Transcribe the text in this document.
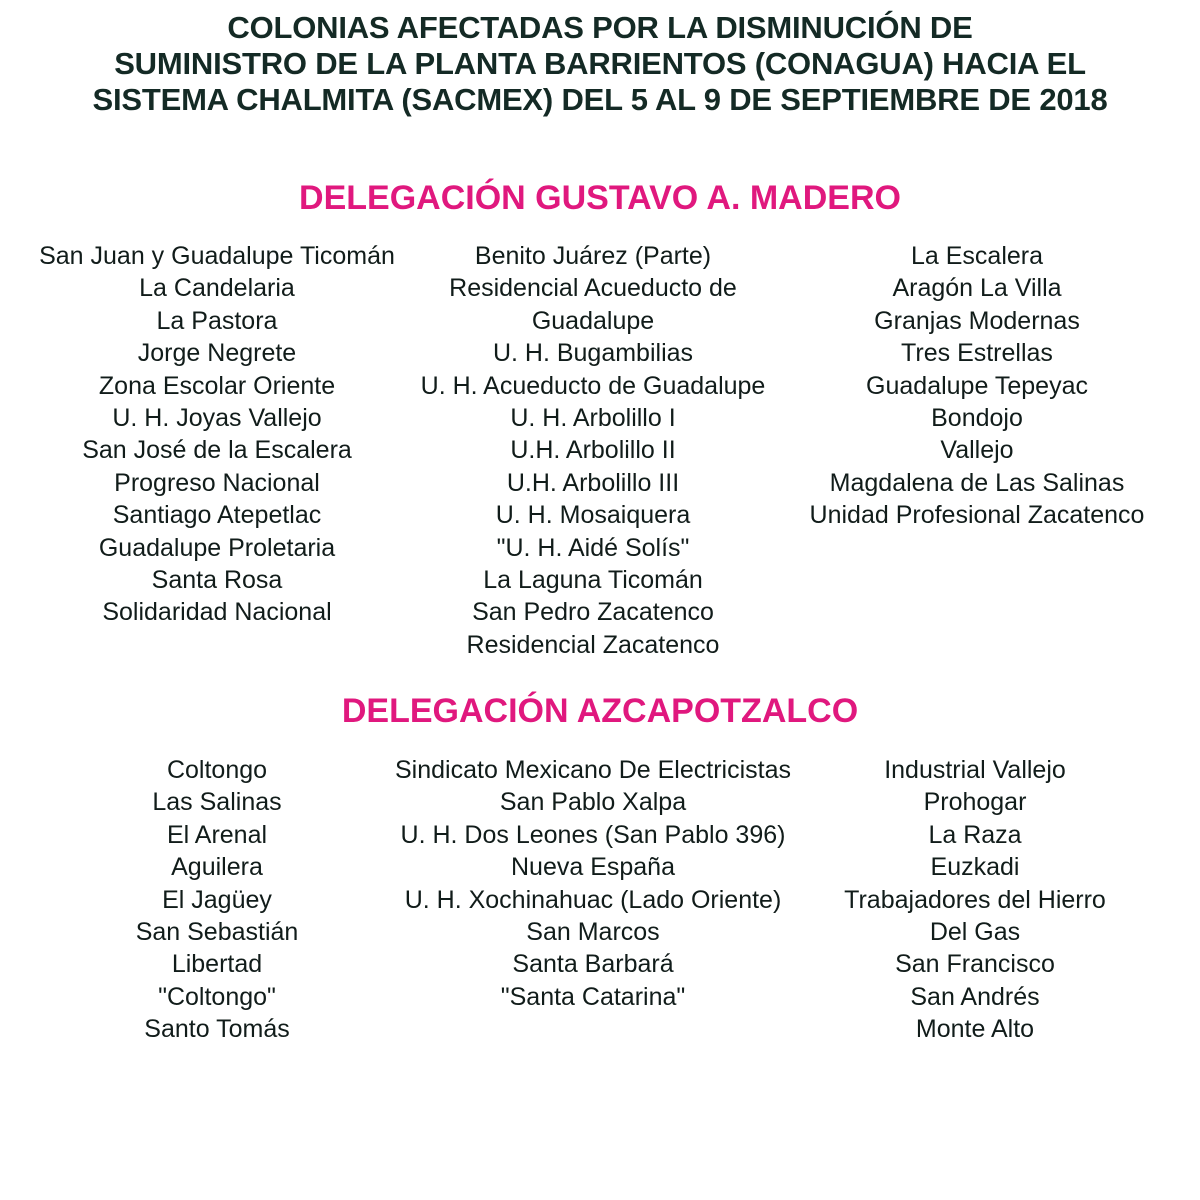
COLONIAS AFECTADAS POR LA DISMINUCIÓN DE
SUMINISTRO DE LA PLANTA BARRIENTOS (CONAGUA) HACIA EL
SISTEMA CHALMITA (SACMEX) DEL 5 AL 9 DE SEPTIEMBRE DE 2018
DELEGACIÓN GUSTAVO A. MADERO
San Juan y Guadalupe Ticomán
La Candelaria
La Pastora
Jorge Negrete
Zona Escolar Oriente
U. H. Joyas Vallejo
San José de la Escalera
Progreso Nacional
Santiago Atepetlac
Guadalupe Proletaria
Santa Rosa
Solidaridad Nacional
Benito Juárez (Parte)
Residencial Acueducto de
Guadalupe
U. H. Bugambilias
U. H. Acueducto de Guadalupe
U. H. Arbolillo I
U.H. Arbolillo II
U.H. Arbolillo III
U. H. Mosaiquera
"U. H. Aidé Solís"
La Laguna Ticomán
San Pedro Zacatenco
Residencial Zacatenco
La Escalera
Aragón La Villa
Granjas Modernas
Tres Estrellas
Guadalupe Tepeyac
Bondojo
Vallejo
Magdalena de Las Salinas
Unidad Profesional Zacatenco
DELEGACIÓN AZCAPOTZALCO
Coltongo
Las Salinas
El Arenal
Aguilera
El Jagüey
San Sebastián
Libertad
"Coltongo"
Santo Tomás
Sindicato Mexicano De Electricistas
San Pablo Xalpa
U. H. Dos Leones (San Pablo 396)
Nueva España
U. H. Xochinahuac (Lado Oriente)
San Marcos
Santa Barbará
"Santa Catarina"
Industrial Vallejo
Prohogar
La Raza
Euzkadi
Trabajadores del Hierro
Del Gas
San Francisco
San Andrés
Monte Alto
